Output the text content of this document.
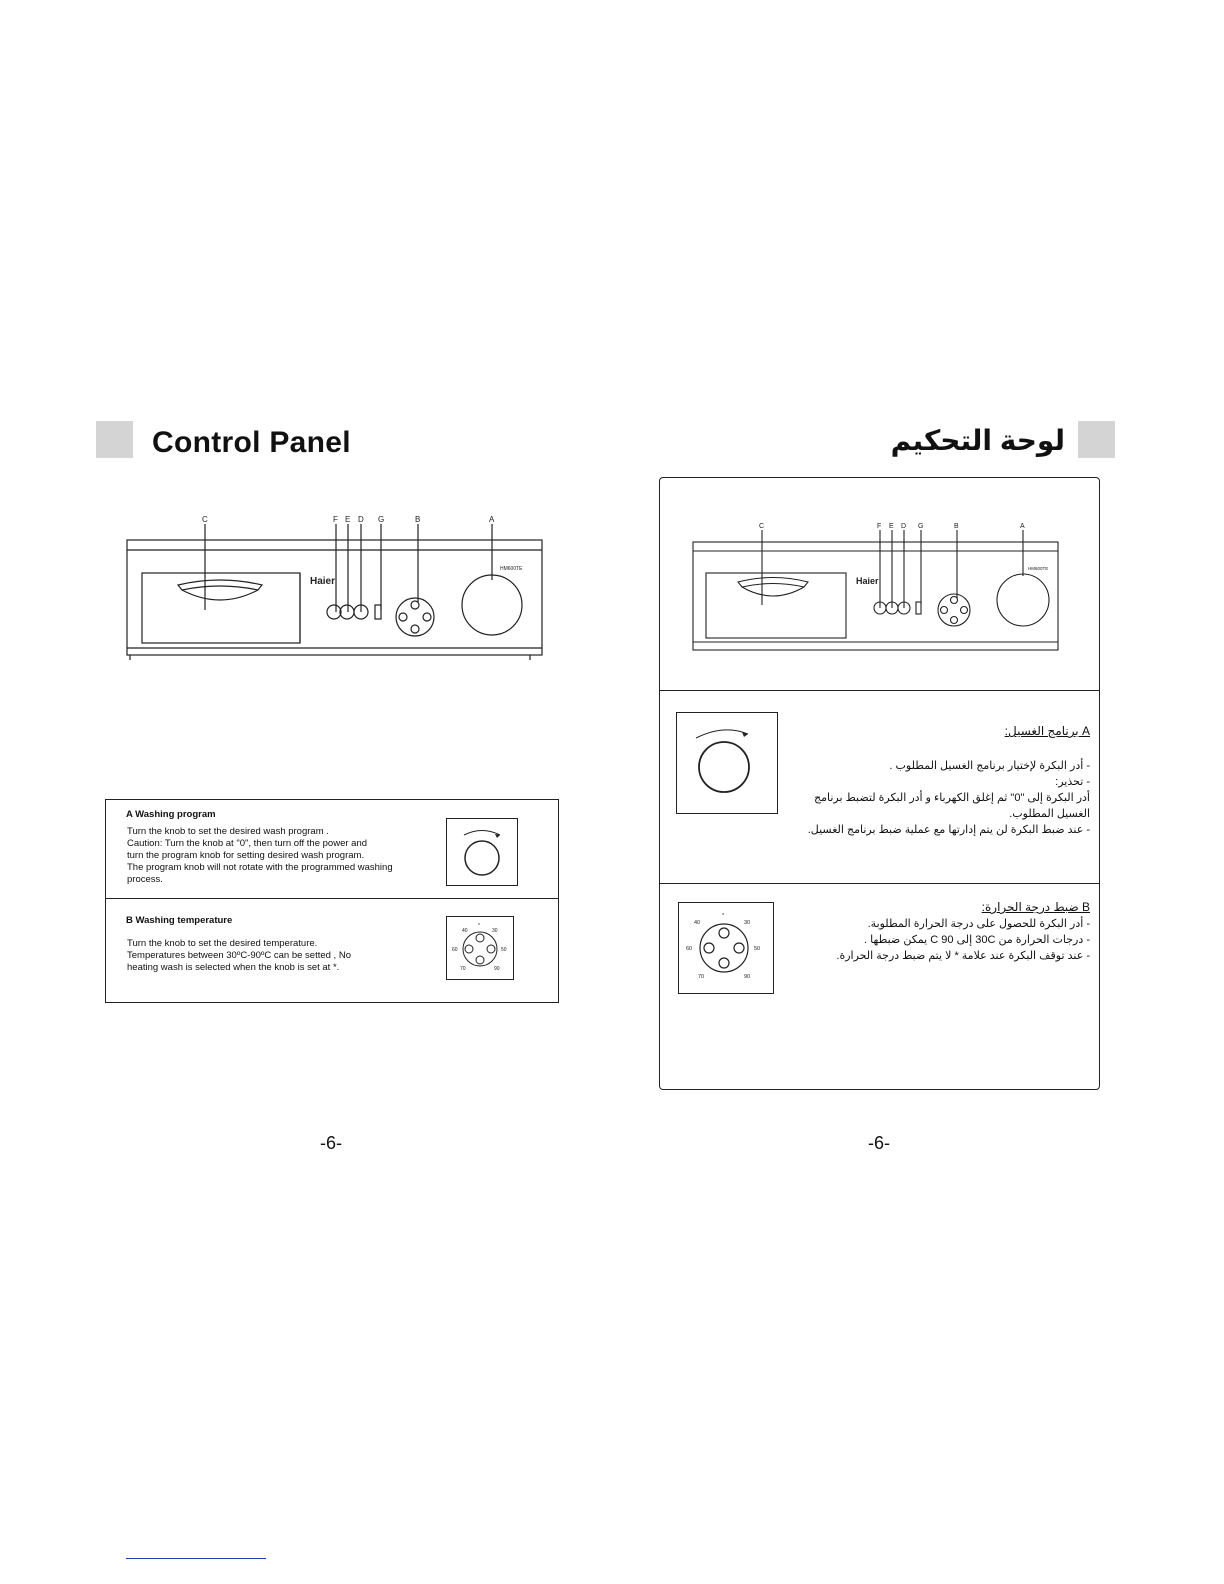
Control Panel
C	F E D G	B	A
Haier
HM600TE
A Washing program
Turn the knob to set the desired wash program .
Caution: Turn the knob at "0", then turn off the power and
turn the program knob for setting desired wash program.
The program knob will not rotate with the programmed washing
process.
B Washing temperature
Turn the knob to set the desired temperature.
Temperatures between 30ºC-90ºC can be setted , No
heating wash is selected when the knob is set at *.
*
30
40
50
60
70	90
-6-
لوحة التحكيم
C	F E D G	B	A
Haier
HM600TE
A برنامج الغسيل:
- أدر البكرة لإختيار برنامج الغسيل المطلوب .
- تحذير:
أدر البكرة إلى "0" ثم إغلق الكهرباء و أدر البكرة لتضبط برنامج
الغسيل المطلوب.
- عند ضبط البكرة لن يتم إدارتها مع عملية ضبط برنامج الغسيل.
*
30
40
50
60
70	90
B ضبط درجة الحرارة:
- أدر البكرة للحصول على درجة الحرارة المطلوبة.
- درجات الحرارة من 30C إلى 90 C يمكن ضبطها .
- عند توقف البكرة عند علامة * لا يتم ضبط درجة الحرارة.
-6-
